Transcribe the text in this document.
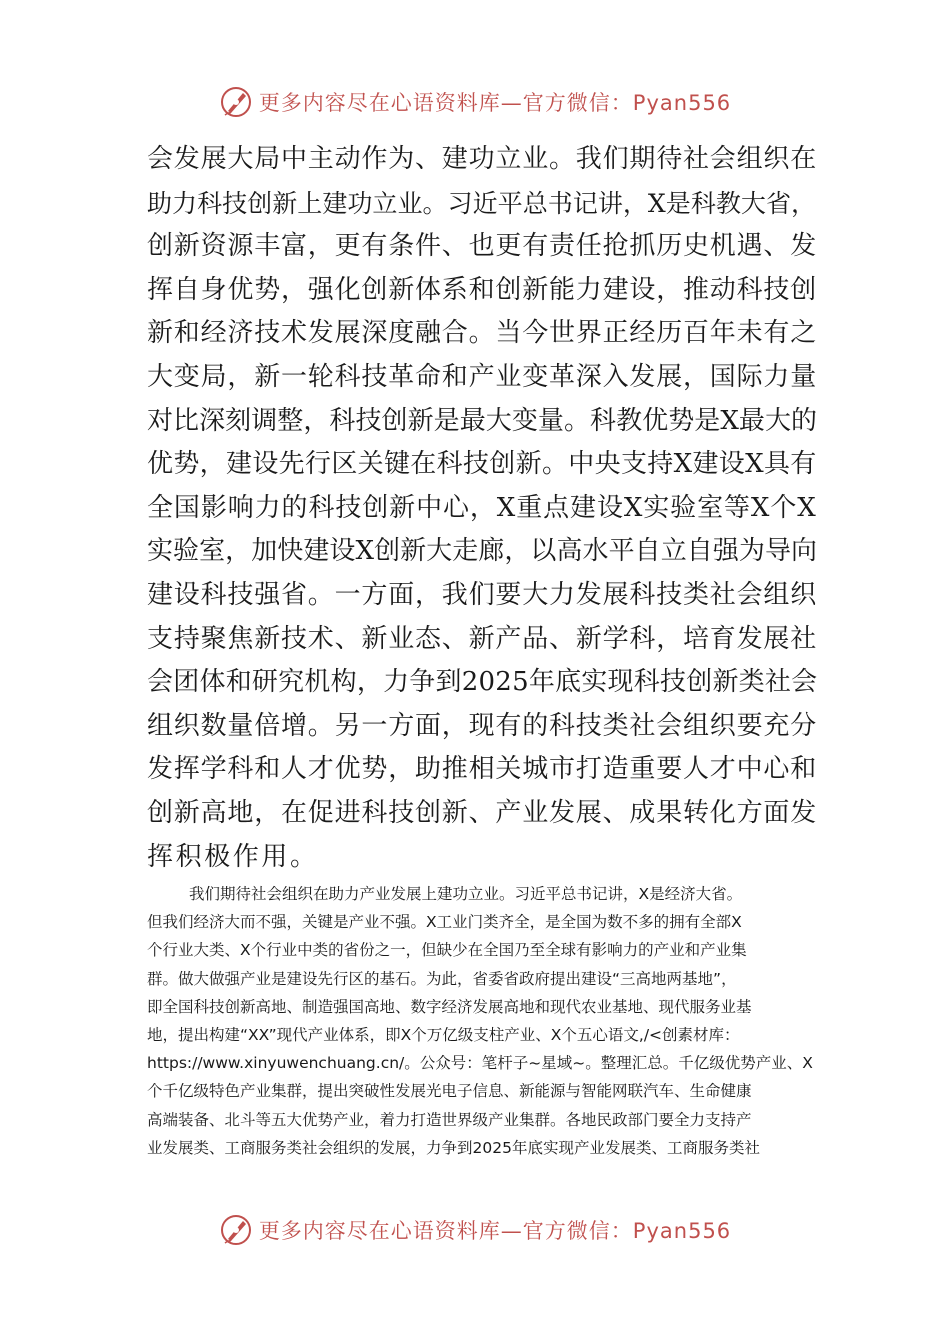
更多内容尽在心语资料库—官方微信：Pyan556
会发展大局中主动作为、建功立业。我们期待社会组织在
助力科技创新上建功立业。习近平总书记讲，X是科教大省，
创新资源丰富，更有条件、也更有责任抢抓历史机遇、发
挥自身优势，强化创新体系和创新能力建设，推动科技创
新和经济技术发展深度融合。当今世界正经历百年未有之
大变局，新一轮科技革命和产业变革深入发展，国际力量
对比深刻调整，科技创新是最大变量。科教优势是X最大的
优势，建设先行区关键在科技创新。中央支持X建设X具有
全国影响力的科技创新中心，X重点建设X实验室等X个X
实验室，加快建设X创新大走廊，以高水平自立自强为导向
建设科技强省。一方面，我们要大力发展科技类社会组织
支持聚焦新技术、新业态、新产品、新学科，培育发展社
会团体和研究机构，力争到2025年底实现科技创新类社会
组织数量倍增。另一方面，现有的科技类社会组织要充分
发挥学科和人才优势，助推相关城市打造重要人才中心和
创新高地，在促进科技创新、产业发展、成果转化方面发
挥积极作用。
我们期待社会组织在助力产业发展上建功立业。习近平总书记讲，X是经济大省。
但我们经济大而不强，关键是产业不强。X工业门类齐全，是全国为数不多的拥有全部X
个行业大类、X个行业中类的省份之一，但缺少在全国乃至全球有影响力的产业和产业集
群。做大做强产业是建设先行区的基石。为此，省委省政府提出建设“三高地两基地”，
即全国科技创新高地、制造强国高地、数字经济发展高地和现代农业基地、现代服务业基
地，提出构建“XX”现代产业体系，即X个万亿级支柱产业、X个五心语文,/<创素材库：
https://www.xinyuwenchuang.cn/。公众号：笔杆子~星域~。整理汇总。千亿级优势产业、X
个千亿级特色产业集群，提出突破性发展光电子信息、新能源与智能网联汽车、生命健康
高端装备、北斗等五大优势产业，着力打造世界级产业集群。各地民政部门要全力支持产
业发展类、工商服务类社会组织的发展，力争到2025年底实现产业发展类、工商服务类社
更多内容尽在心语资料库—官方微信：Pyan556
